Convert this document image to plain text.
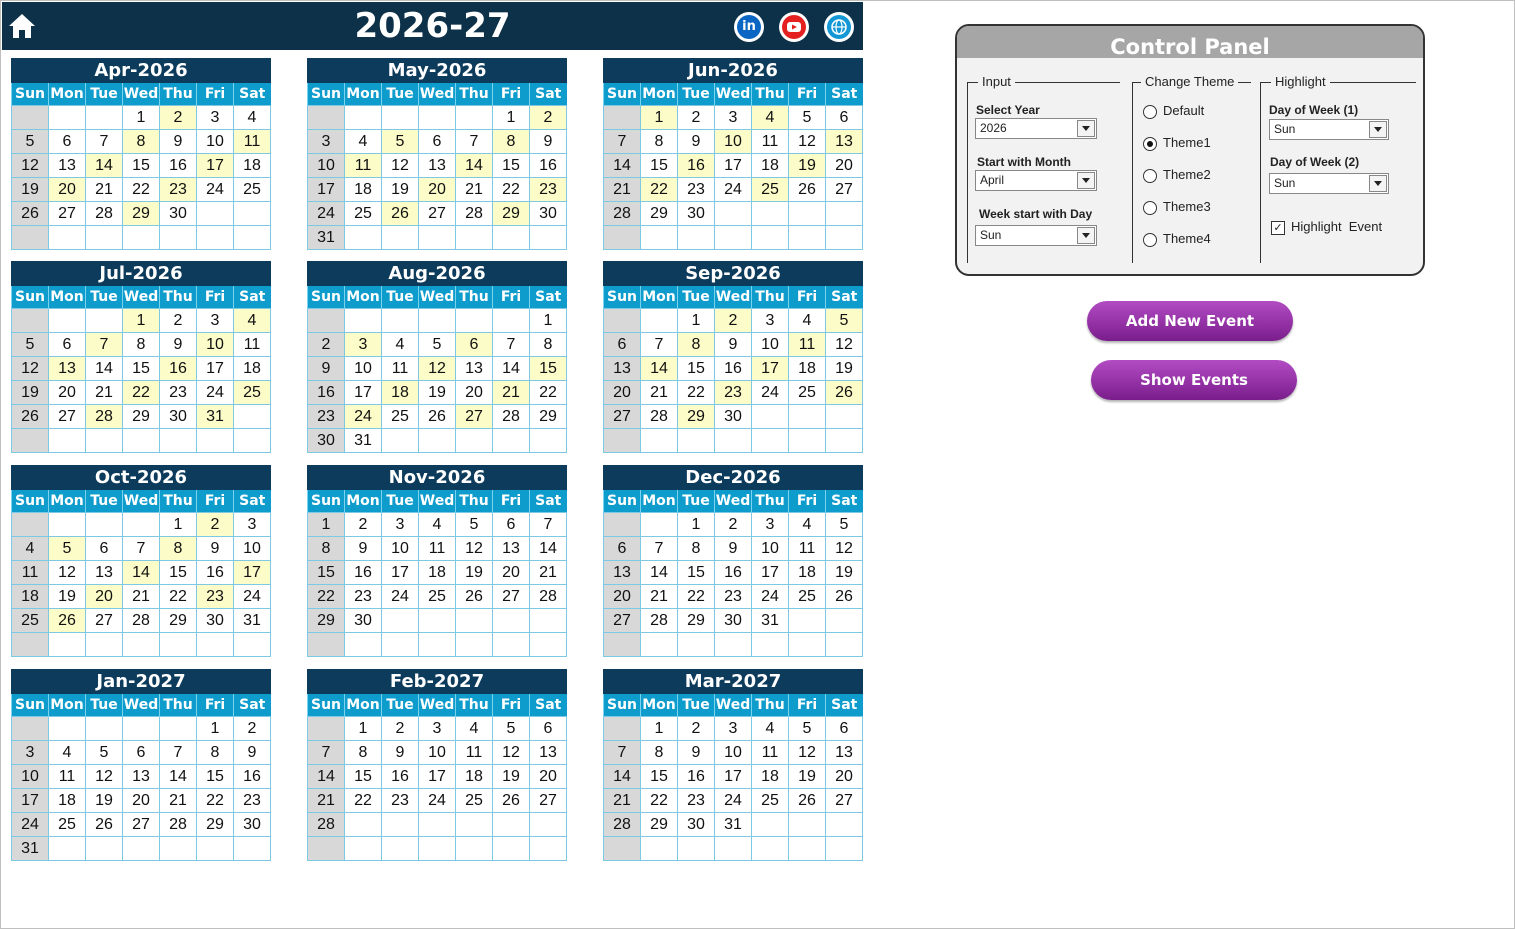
2026-27	in
Apr-2026
Sun	Mon	Tue	Wed	Thu	Fri	Sat
			1	2	3	4
5	6	7	8	9	10	11
12	13	14	15	16	17	18
19	20	21	22	23	24	25
26	27	28	29	30		

May-2026
Sun	Mon	Tue	Wed	Thu	Fri	Sat
					1	2
3	4	5	6	7	8	9
10	11	12	13	14	15	16
17	18	19	20	21	22	23
24	25	26	27	28	29	30
31						
Jun-2026
Sun	Mon	Tue	Wed	Thu	Fri	Sat
	1	2	3	4	5	6
7	8	9	10	11	12	13
14	15	16	17	18	19	20
21	22	23	24	25	26	27
28	29	30				

Jul-2026
Sun	Mon	Tue	Wed	Thu	Fri	Sat
			1	2	3	4
5	6	7	8	9	10	11
12	13	14	15	16	17	18
19	20	21	22	23	24	25
26	27	28	29	30	31	

Aug-2026
Sun	Mon	Tue	Wed	Thu	Fri	Sat
						1
2	3	4	5	6	7	8
9	10	11	12	13	14	15
16	17	18	19	20	21	22
23	24	25	26	27	28	29
30	31					
Sep-2026
Sun	Mon	Tue	Wed	Thu	Fri	Sat
		1	2	3	4	5
6	7	8	9	10	11	12
13	14	15	16	17	18	19
20	21	22	23	24	25	26
27	28	29	30			

Oct-2026
Sun	Mon	Tue	Wed	Thu	Fri	Sat
				1	2	3
4	5	6	7	8	9	10
11	12	13	14	15	16	17
18	19	20	21	22	23	24
25	26	27	28	29	30	31

Nov-2026
Sun	Mon	Tue	Wed	Thu	Fri	Sat
1	2	3	4	5	6	7
8	9	10	11	12	13	14
15	16	17	18	19	20	21
22	23	24	25	26	27	28
29	30					

Dec-2026
Sun	Mon	Tue	Wed	Thu	Fri	Sat
		1	2	3	4	5
6	7	8	9	10	11	12
13	14	15	16	17	18	19
20	21	22	23	24	25	26
27	28	29	30	31		

Jan-2027
Sun	Mon	Tue	Wed	Thu	Fri	Sat
					1	2
3	4	5	6	7	8	9
10	11	12	13	14	15	16
17	18	19	20	21	22	23
24	25	26	27	28	29	30
31						
Feb-2027
Sun	Mon	Tue	Wed	Thu	Fri	Sat
	1	2	3	4	5	6
7	8	9	10	11	12	13
14	15	16	17	18	19	20
21	22	23	24	25	26	27
28						

Mar-2027
Sun	Mon	Tue	Wed	Thu	Fri	Sat
	1	2	3	4	5	6
7	8	9	10	11	12	13
14	15	16	17	18	19	20
21	22	23	24	25	26	27
28	29	30	31			

Control Panel
Input
Select Year
2026
Start with Month
April
Week start with Day
Sun
Change Theme
Default
Theme1
Theme2
Theme3
Theme4
Highlight
Day of Week (1)
Sun
Day of Week (2)
Sun
✓ Highlight  Event
Add New Event
Show Events
